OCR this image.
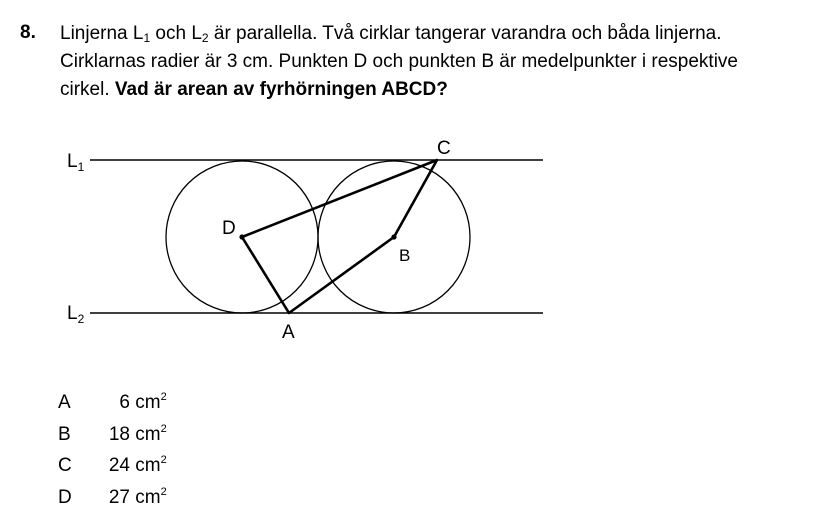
8. Linjerna $L_1$ och $L_2$ är parallella. Två cirklar tangerar varandra och båda linjerna.
Cirklarnas radier är 3 cm. Punkten D och punkten B är medelpunkter i respektive
cirkel. Vad är arean av fyrhörningen ABCD?
$L_1$
$L_2$
A
B
C
D
A	6 $cm^2$
B	18 $cm^2$
C	24 $cm^2$
D	27 $cm^2$
